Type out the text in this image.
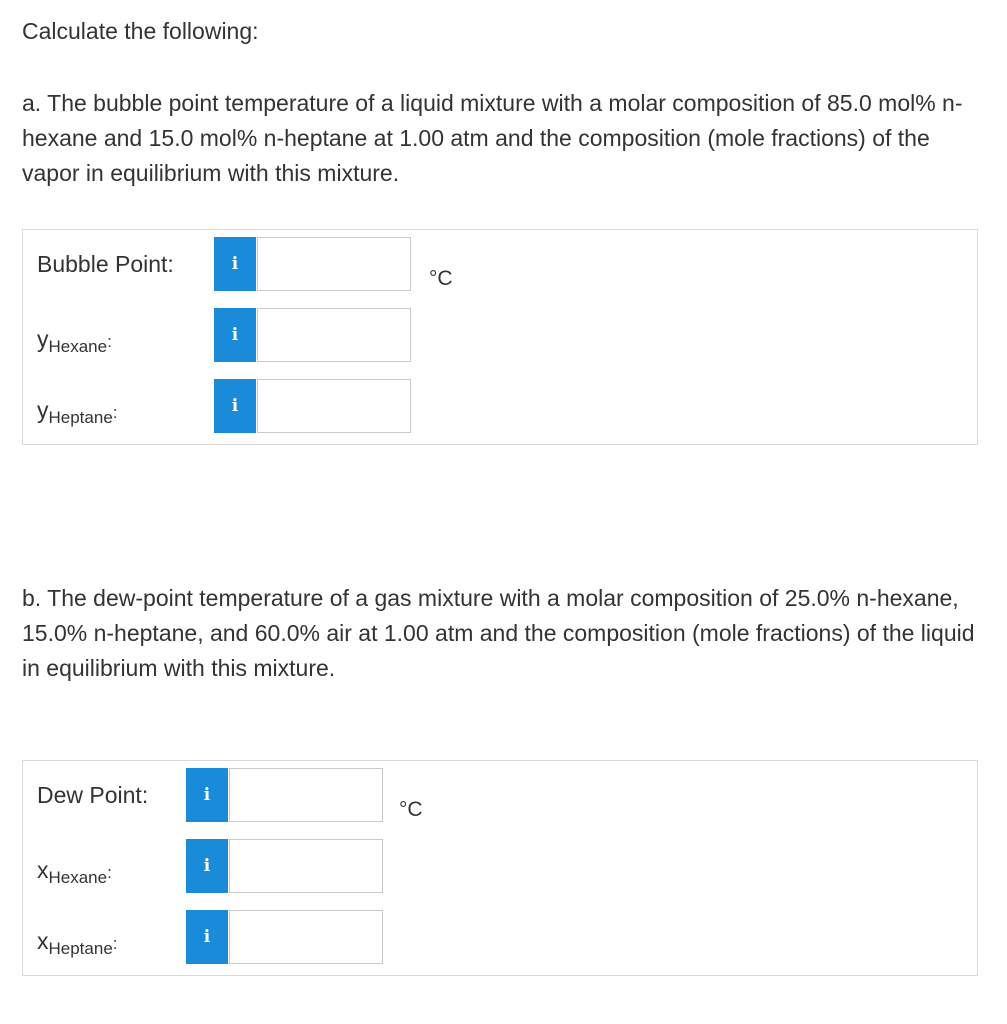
Calculate the following:
a. The bubble point temperature of a liquid mixture with a molar composition of 85.0 mol% n-hexane and 15.0 mol% n-heptane at 1.00 atm and the composition (mole fractions) of the vapor in equilibrium with this mixture.
Bubble Point:	i
°C
$y_{Hexane}$:	i
$y_{Heptane}$:	i
b. The dew-point temperature of a gas mixture with a molar composition of 25.0% n-hexane, 15.0% n-heptane, and 60.0% air at 1.00 atm and the composition (mole fractions) of the liquid in equilibrium with this mixture.
Dew Point:	i
°C
$x_{Hexane}$:	i
$x_{Heptane}$:	i
